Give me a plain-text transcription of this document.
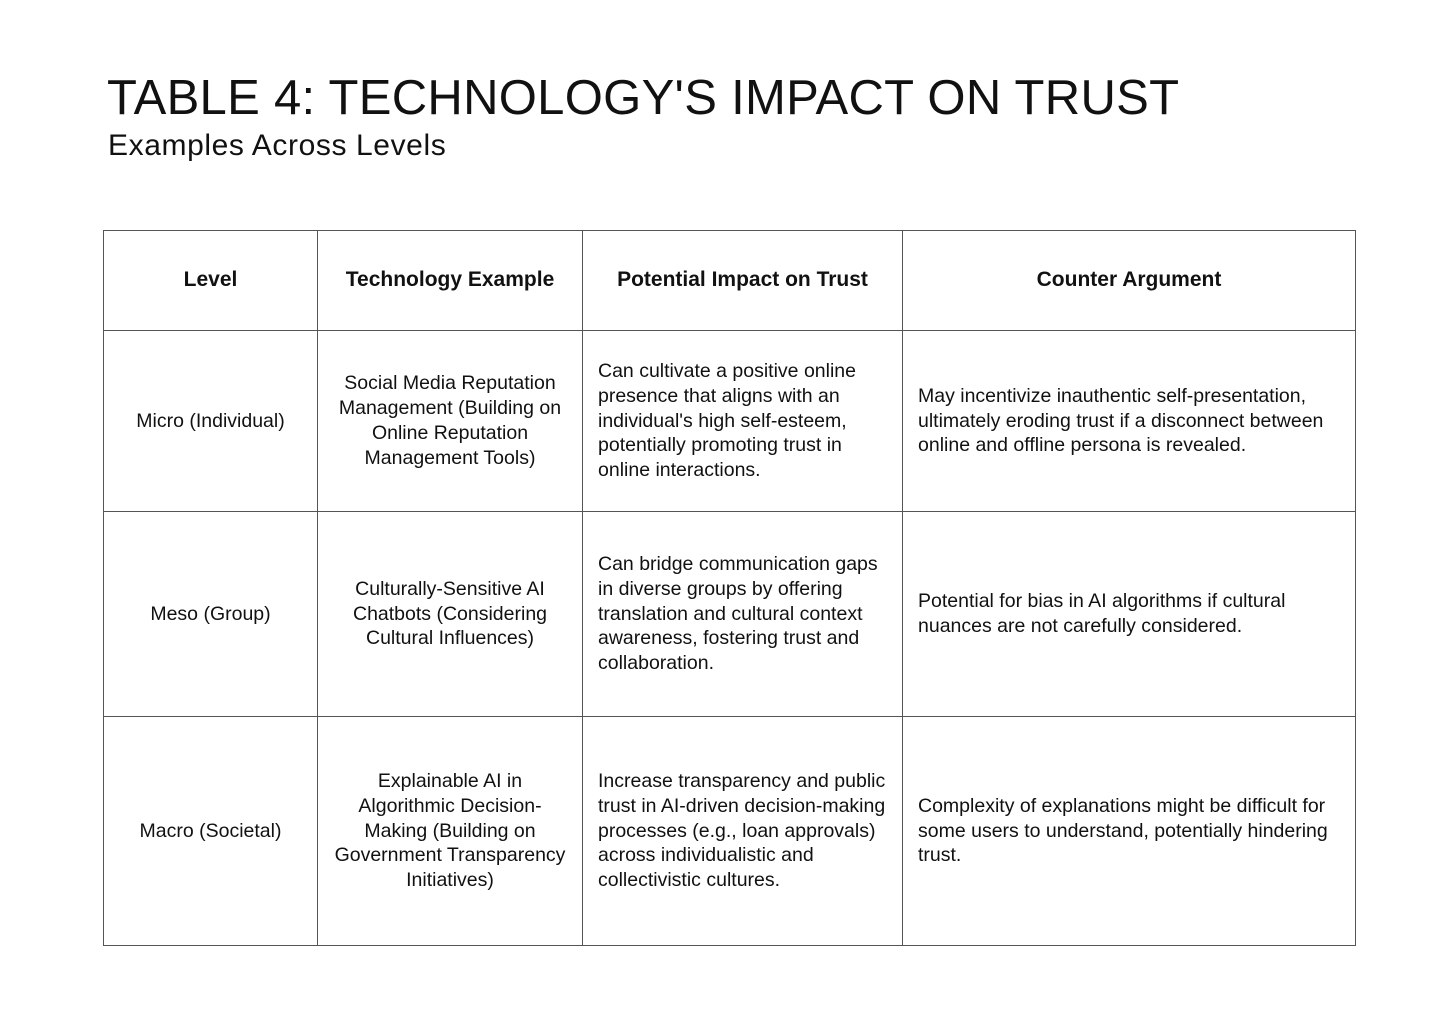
TABLE 4: TECHNOLOGY'S IMPACT ON TRUST
Examples Across Levels
Level	Technology Example	Potential Impact on Trust	Counter Argument
Micro (Individual)	Social Media Reputation Management (Building on Online Reputation Management Tools)	Can cultivate a positive online presence that aligns with an individual's high self-esteem, potentially promoting trust in online interactions.	May incentivize inauthentic self-presentation, ultimately eroding trust if a disconnect between online and offline persona is revealed.
Meso (Group)	Culturally-Sensitive AI Chatbots (Considering Cultural Influences)	Can bridge communication gaps in diverse groups by offering translation and cultural context awareness, fostering trust and collaboration.	Potential for bias in AI algorithms if cultural nuances are not carefully considered.
Macro (Societal)	Explainable AI in Algorithmic Decision-Making (Building on Government Transparency Initiatives)	Increase transparency and public trust in AI-driven decision-making processes (e.g., loan approvals) across individualistic and collectivistic cultures.	Complexity of explanations might be difficult for some users to understand, potentially hindering trust.
